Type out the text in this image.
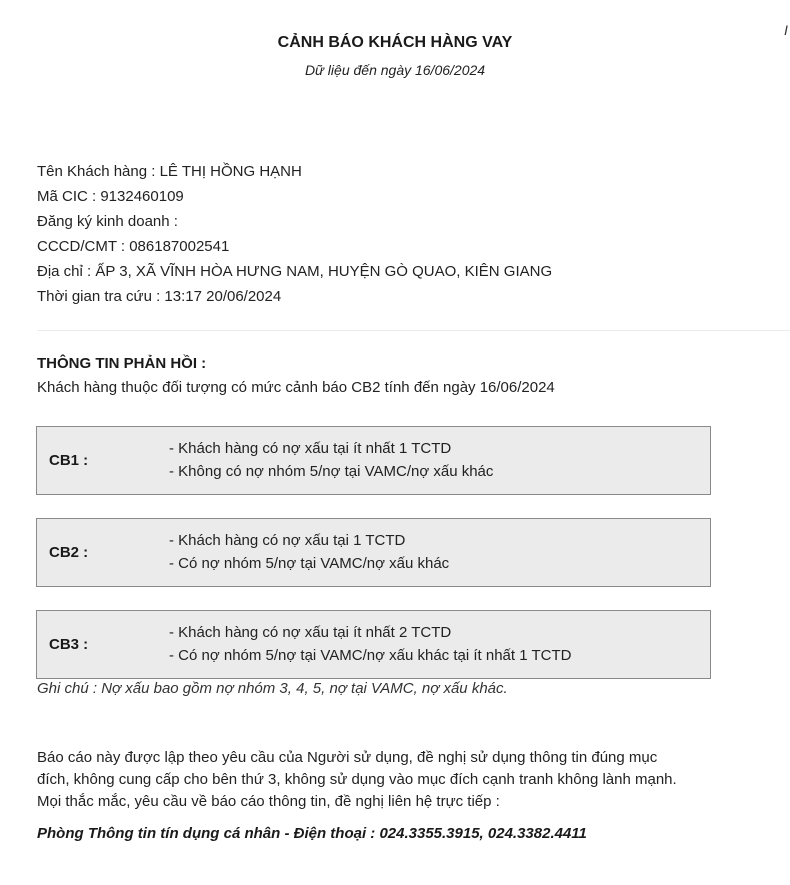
CẢNH BÁO KHÁCH HÀNG VAY
Dữ liệu đến ngày 16/06/2024
I
Tên Khách hàng : LÊ THỊ HỒNG HẠNH
Mã CIC : 9132460109
Đăng ký kinh doanh :
CCCD/CMT : 086187002541
Địa chỉ : ẤP 3, XÃ VĨNH HÒA HƯNG NAM, HUYỆN GÒ QUAO, KIÊN GIANG
Thời gian tra cứu : 13:17 20/06/2024
THÔNG TIN PHẢN HỒI :
Khách hàng thuộc đối tượng có mức cảnh báo CB2 tính đến ngày 16/06/2024
CB1 :
- Khách hàng có nợ xấu tại ít nhất 1 TCTD
- Không có nợ nhóm 5/nợ tại VAMC/nợ xấu khác
CB2 :
- Khách hàng có nợ xấu tại 1 TCTD
- Có nợ nhóm 5/nợ tại VAMC/nợ xấu khác
CB3 :
- Khách hàng có nợ xấu tại ít nhất 2 TCTD
- Có nợ nhóm 5/nợ tại VAMC/nợ xấu khác tại ít nhất 1 TCTD
Ghi chú : Nợ xấu bao gồm nợ nhóm 3, 4, 5, nợ tại VAMC, nợ xấu khác.
Báo cáo này được lập theo yêu cầu của Người sử dụng, đề nghị sử dụng thông tin đúng mục
đích, không cung cấp cho bên thứ 3, không sử dụng vào mục đích cạnh tranh không lành mạnh.
Mọi thắc mắc, yêu cầu về báo cáo thông tin, đề nghị liên hệ trực tiếp :
Phòng Thông tin tín dụng cá nhân - Điện thoại : 024.3355.3915, 024.3382.4411
